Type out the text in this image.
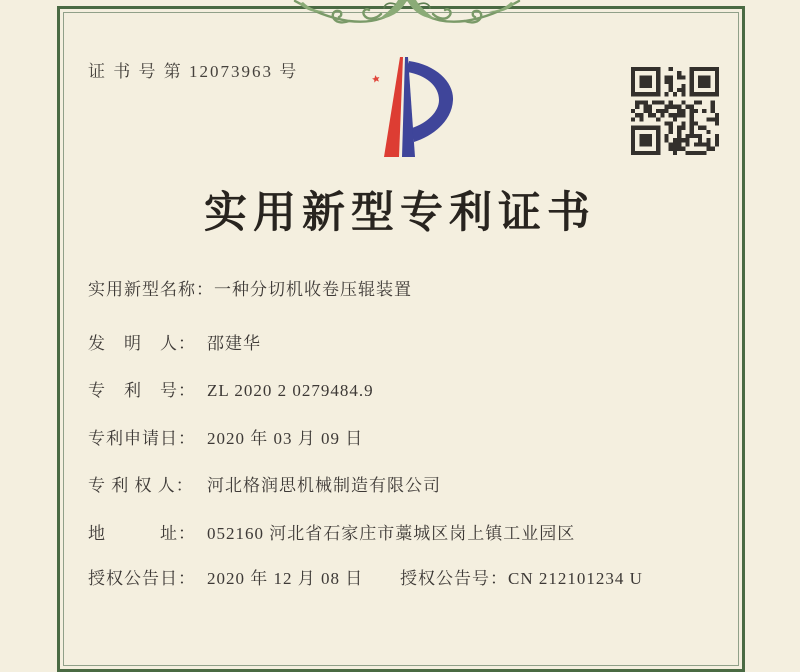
证 书 号 第 12073963 号
实用新型专利证书
实用新型名称：一种分切机收卷压辊装置
发　明　人： 邵建华
专　利　号： ZL 2020 2 0279484.9
专利申请日： 2020 年 03 月 09 日
专 利 权 人： 河北格润思机械制造有限公司
地　　　址： 052160 河北省石家庄市藁城区岗上镇工业园区
授权公告日： 2020 年 12 月 08 日 授权公告号：CN 212101234 U
